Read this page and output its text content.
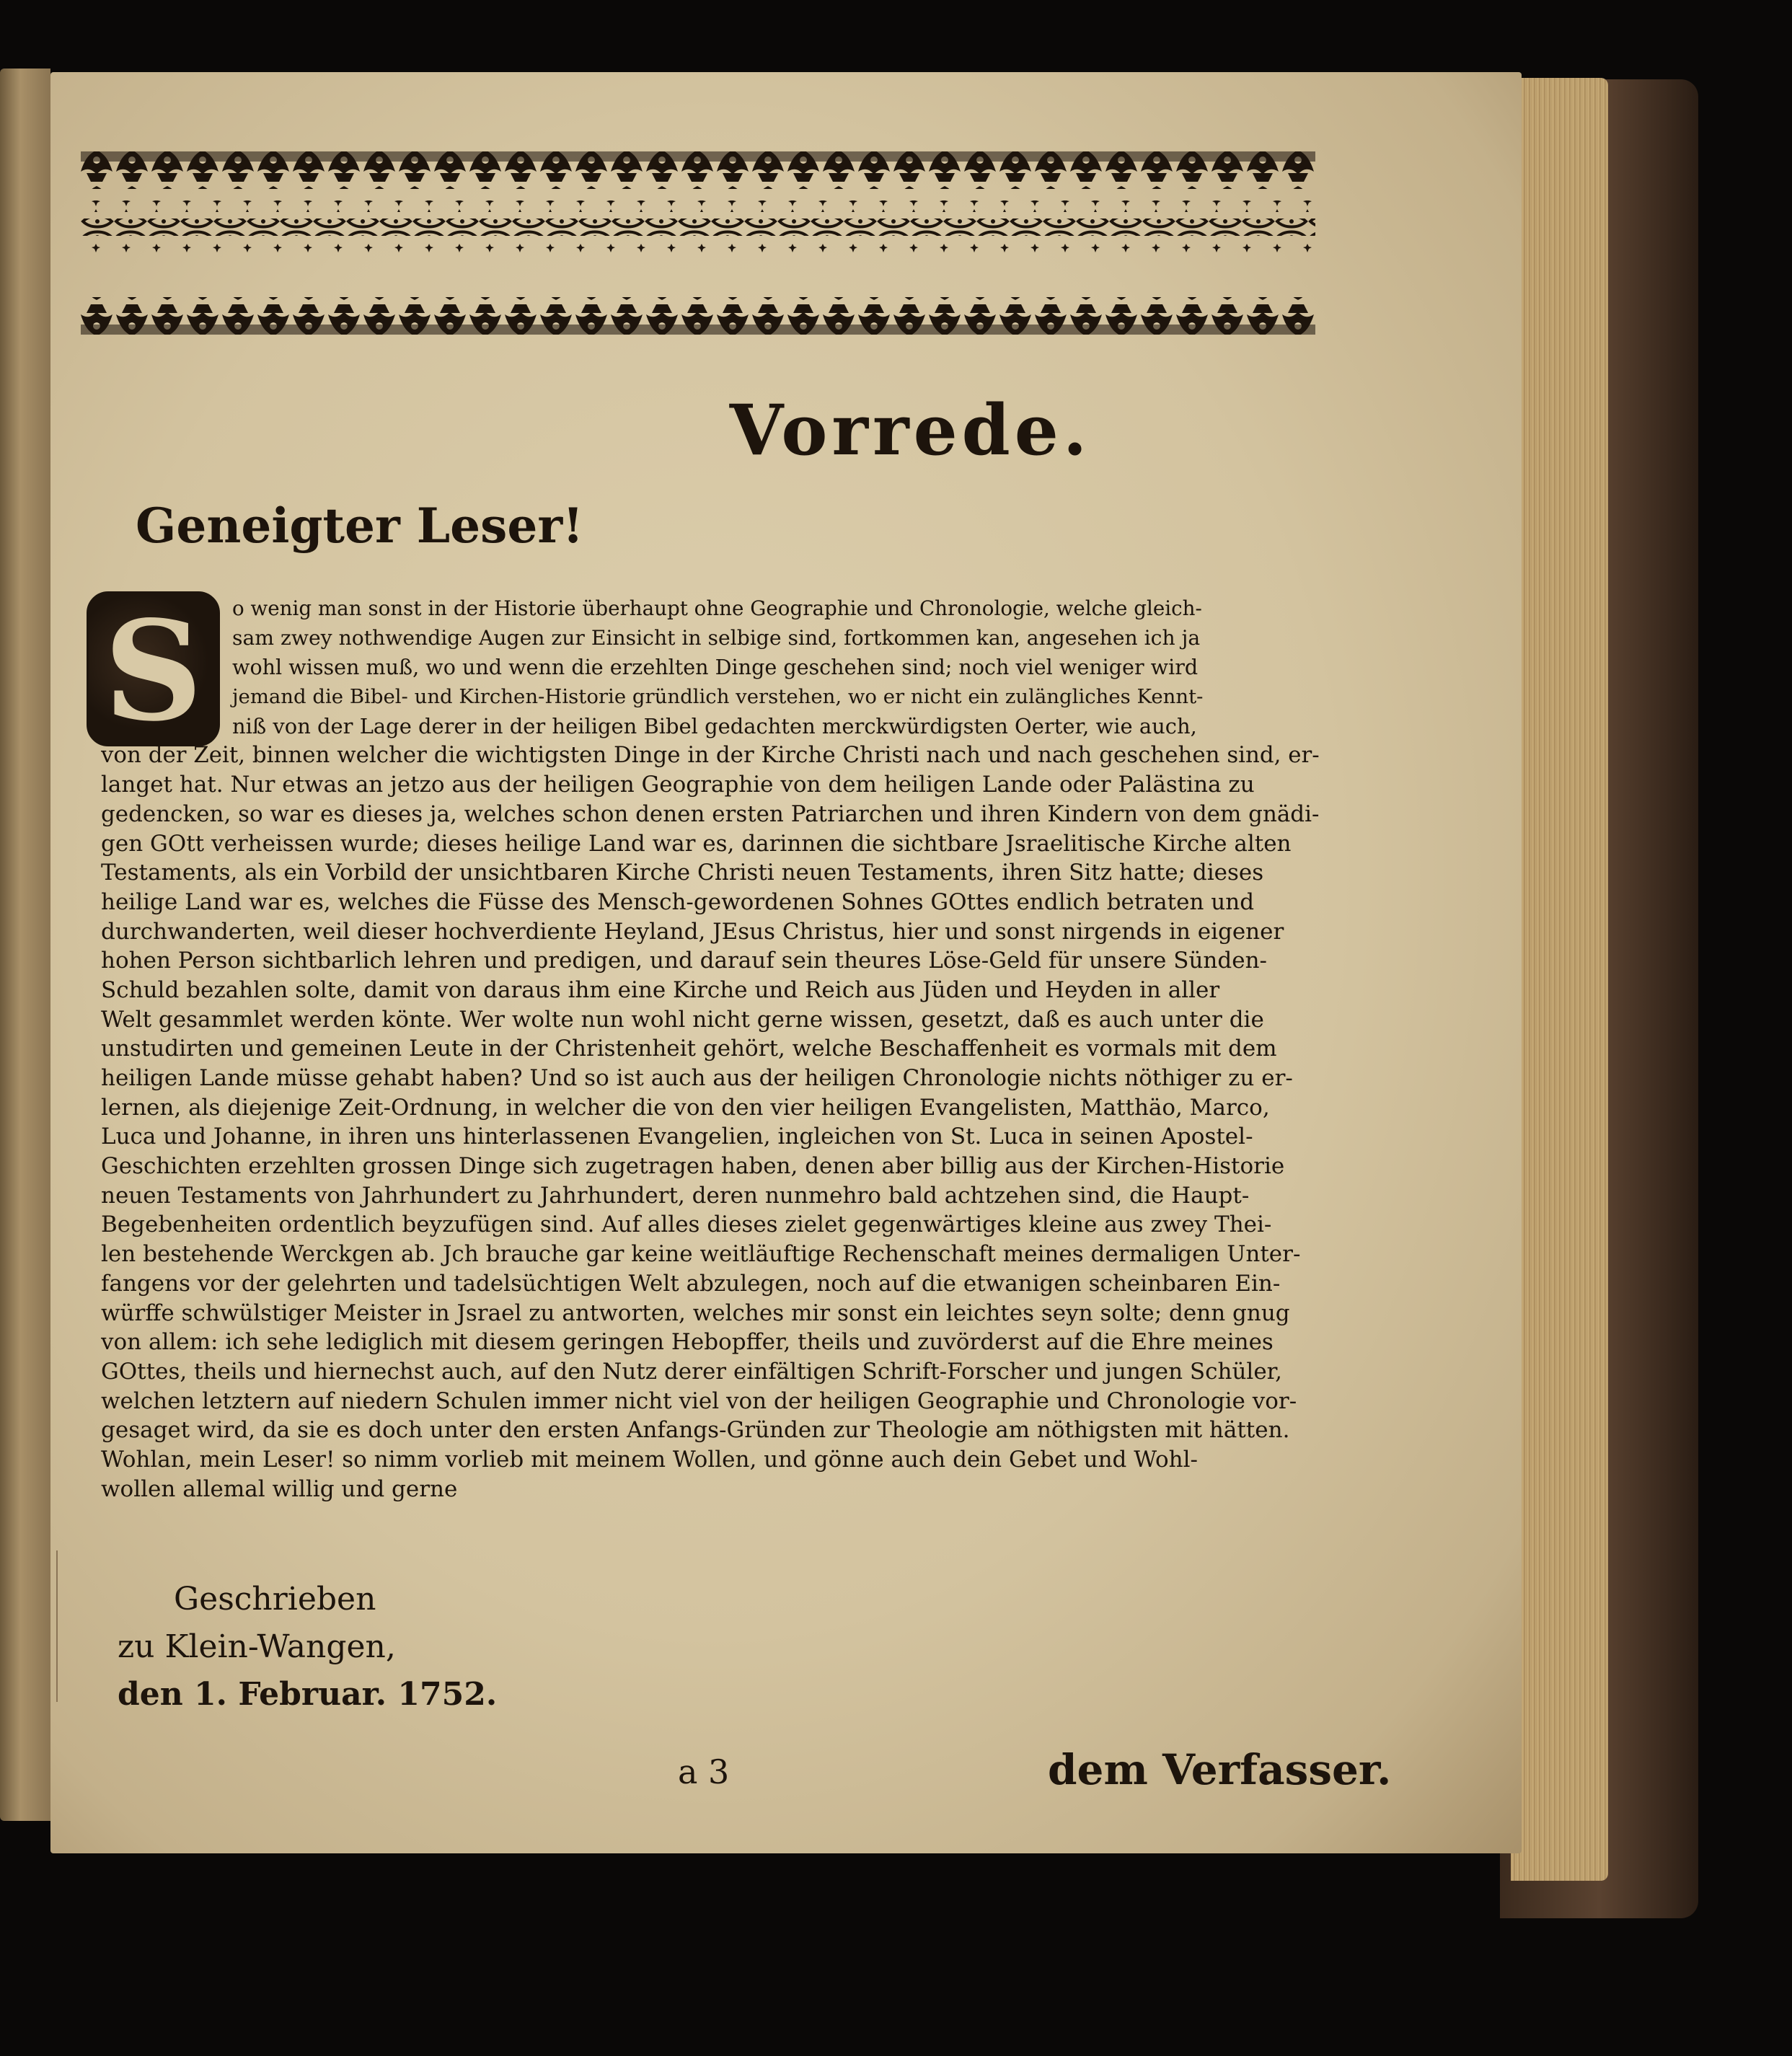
Vorrede.
Geneigter Leser!
S	o wenig man sonst in der Historie überhaupt ohne Geographie und Chronologie, welche gleich-
sam zwey nothwendige Augen zur Einsicht in selbige sind, fortkommen kan, angesehen ich ja
wohl wissen muß, wo und wenn die erzehlten Dinge geschehen sind; noch viel weniger wird
jemand die Bibel- und Kirchen-Historie gründlich verstehen, wo er nicht ein zulängliches Kennt-
niß von der Lage derer in der heiligen Bibel gedachten merckwürdigsten Oerter, wie auch,
von der Zeit, binnen welcher die wichtigsten Dinge in der Kirche Christi nach und nach geschehen sind, er-
langet hat. Nur etwas an jetzo aus der heiligen Geographie von dem heiligen Lande oder Palästina zu
gedencken, so war es dieses ja, welches schon denen ersten Patriarchen und ihren Kindern von dem gnädi-
gen GOtt verheissen wurde; dieses heilige Land war es, darinnen die sichtbare Jsraelitische Kirche alten
Testaments, als ein Vorbild der unsichtbaren Kirche Christi neuen Testaments, ihren Sitz hatte; dieses
heilige Land war es, welches die Füsse des Mensch-gewordenen Sohnes GOttes endlich betraten und
durchwanderten, weil dieser hochverdiente Heyland, JEsus Christus, hier und sonst nirgends in eigener
hohen Person sichtbarlich lehren und predigen, und darauf sein theures Löse-Geld für unsere Sünden-
Schuld bezahlen solte, damit von daraus ihm eine Kirche und Reich aus Jüden und Heyden in aller
Welt gesammlet werden könte. Wer wolte nun wohl nicht gerne wissen, gesetzt, daß es auch unter die
unstudirten und gemeinen Leute in der Christenheit gehört, welche Beschaffenheit es vormals mit dem
heiligen Lande müsse gehabt haben? Und so ist auch aus der heiligen Chronologie nichts nöthiger zu er-
lernen, als diejenige Zeit-Ordnung, in welcher die von den vier heiligen Evangelisten, Matthäo, Marco,
Luca und Johanne, in ihren uns hinterlassenen Evangelien, ingleichen von St. Luca in seinen Apostel-
Geschichten erzehlten grossen Dinge sich zugetragen haben, denen aber billig aus der Kirchen-Historie
neuen Testaments von Jahrhundert zu Jahrhundert, deren nunmehro bald achtzehen sind, die Haupt-
Begebenheiten ordentlich beyzufügen sind. Auf alles dieses zielet gegenwärtiges kleine aus zwey Thei-
len bestehende Werckgen ab. Jch brauche gar keine weitläuftige Rechenschaft meines dermaligen Unter-
fangens vor der gelehrten und tadelsüchtigen Welt abzulegen, noch auf die etwanigen scheinbaren Ein-
würffe schwülstiger Meister in Jsrael zu antworten, welches mir sonst ein leichtes seyn solte; denn gnug
von allem: ich sehe lediglich mit diesem geringen Hebopffer, theils und zuvörderst auf die Ehre meines
GOttes, theils und hiernechst auch, auf den Nutz derer einfältigen Schrift-Forscher und jungen Schüler,
welchen letztern auf niedern Schulen immer nicht viel von der heiligen Geographie und Chronologie vor-
gesaget wird, da sie es doch unter den ersten Anfangs-Gründen zur Theologie am nöthigsten mit hätten.
Wohlan, mein Leser! so nimm vorlieb mit meinem Wollen, und gönne auch dein Gebet und Wohl-
wollen allemal willig und gerne
Geschrieben
zu Klein-Wangen,
den 1. Februar. 1752.
a 3	dem Verfasser.
